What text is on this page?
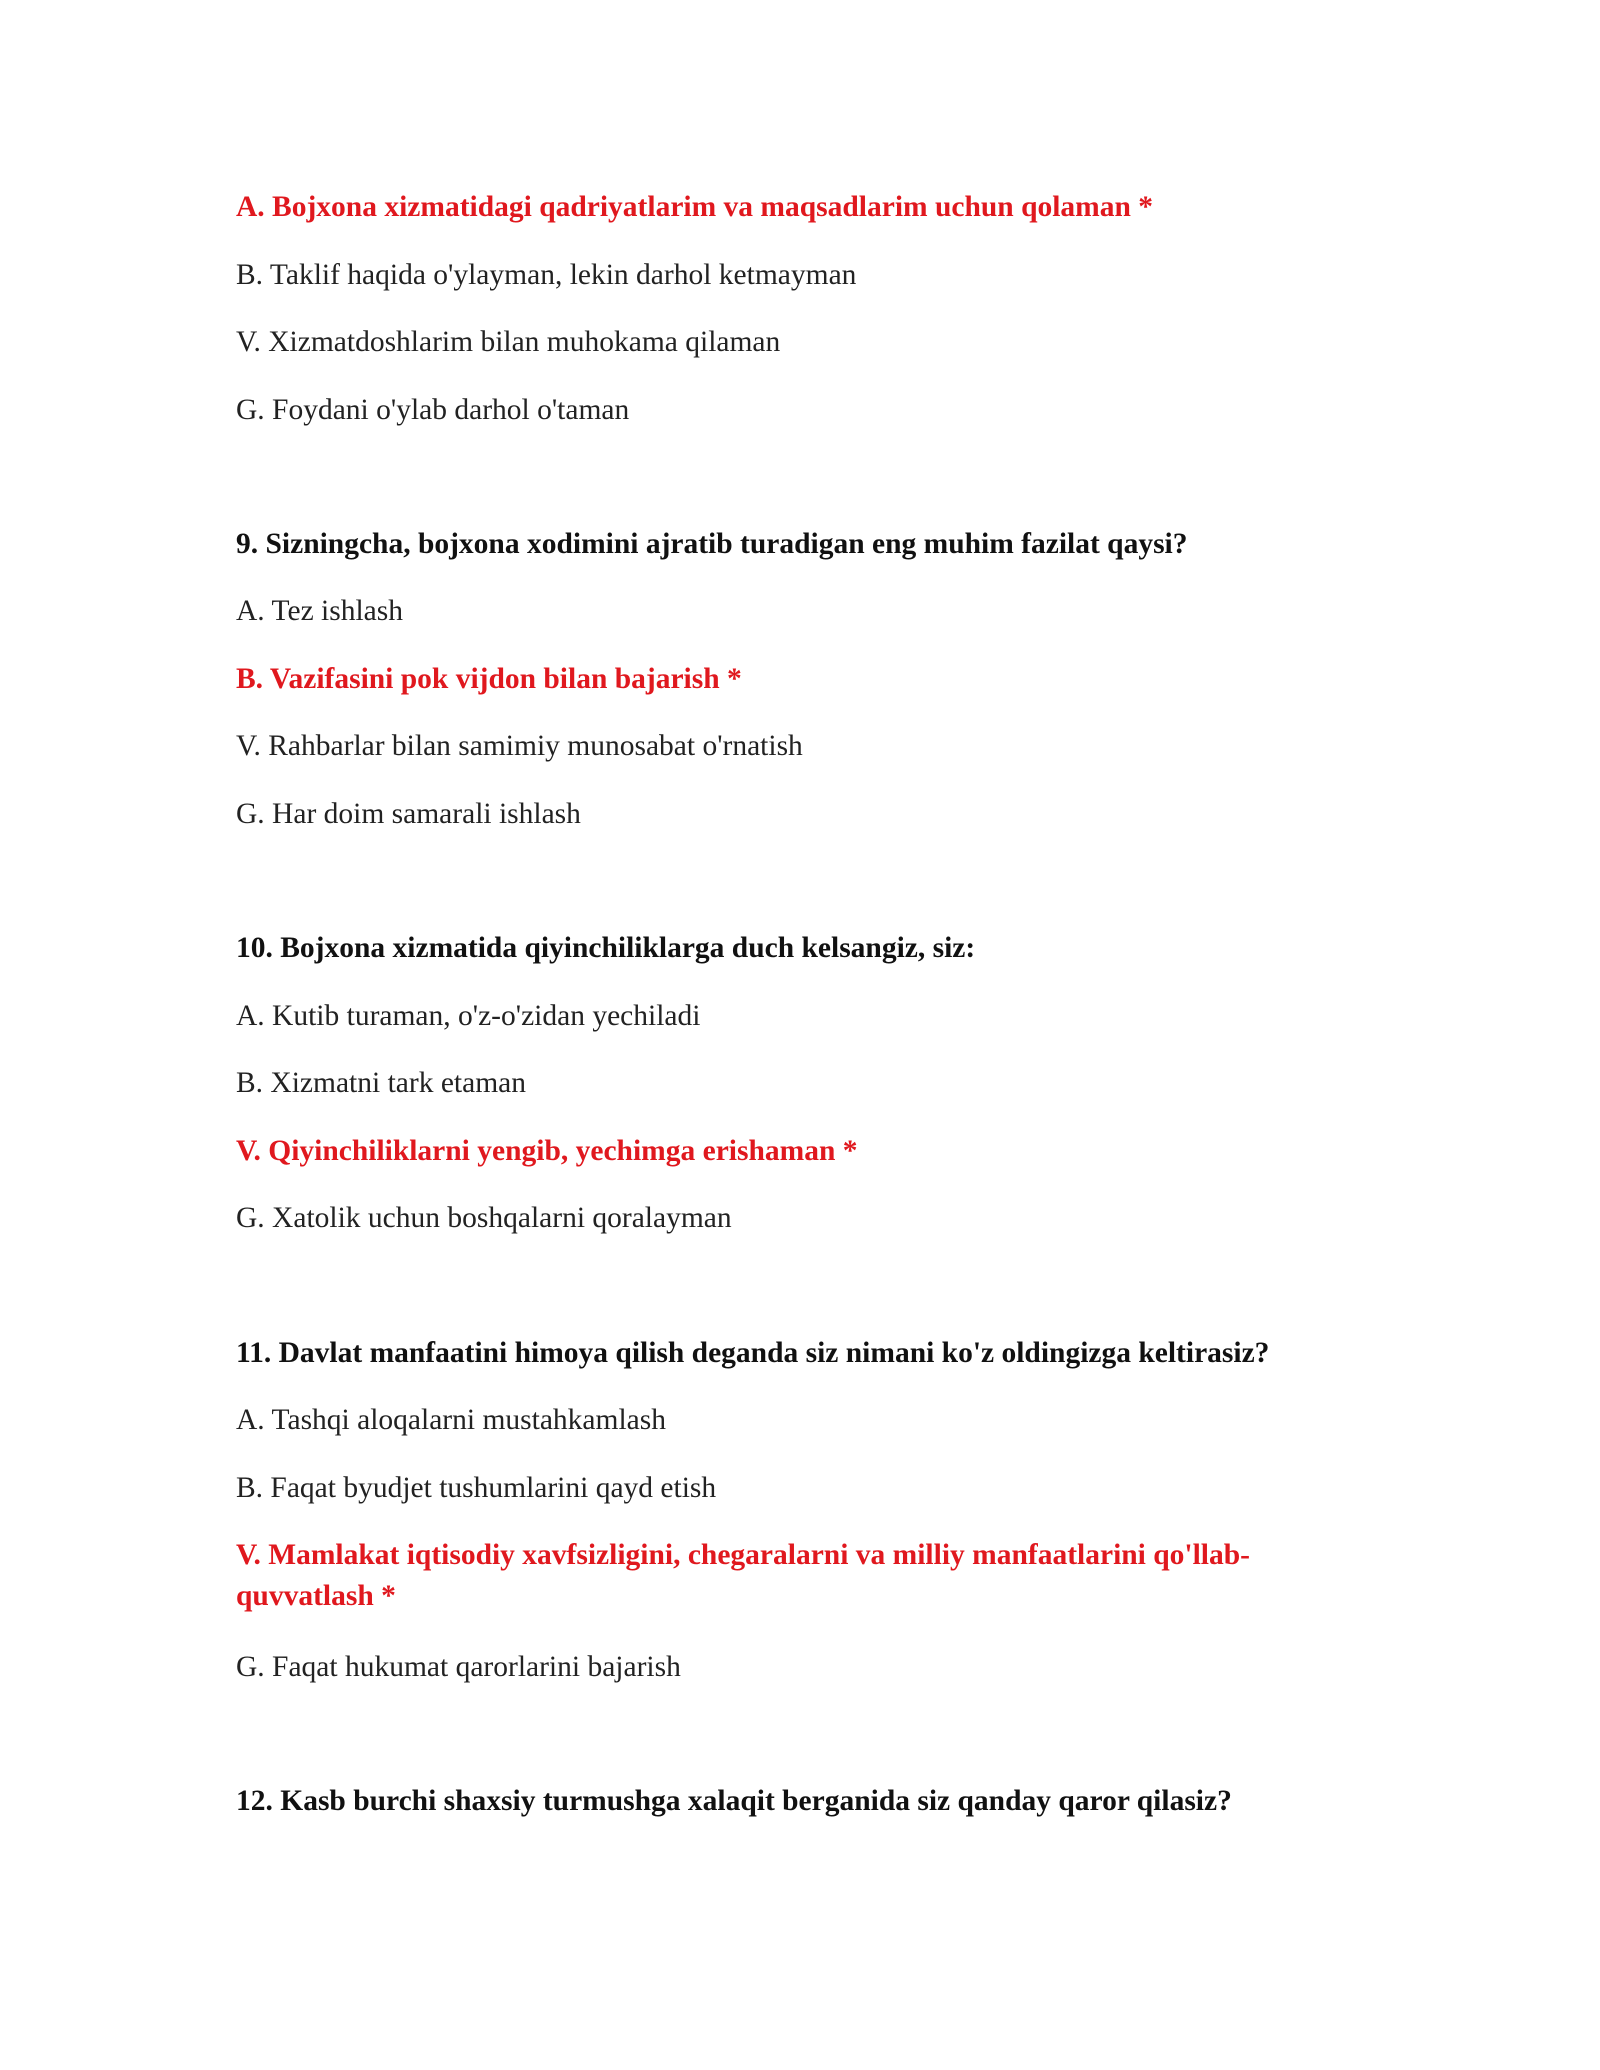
A. Bojxona xizmatidagi qadriyatlarim va maqsadlarim uchun qolaman *
B. Taklif haqida o'ylayman, lekin darhol ketmayman
V. Xizmatdoshlarim bilan muhokama qilaman
G. Foydani o'ylab darhol o'taman
9. Sizningcha, bojxona xodimini ajratib turadigan eng muhim fazilat qaysi?
A. Tez ishlash
B. Vazifasini pok vijdon bilan bajarish *
V. Rahbarlar bilan samimiy munosabat o'rnatish
G. Har doim samarali ishlash
10. Bojxona xizmatida qiyinchiliklarga duch kelsangiz, siz:
A. Kutib turaman, o'z-o'zidan yechiladi
B. Xizmatni tark etaman
V. Qiyinchiliklarni yengib, yechimga erishaman *
G. Xatolik uchun boshqalarni qoralayman
11. Davlat manfaatini himoya qilish deganda siz nimani ko'z oldingizga keltirasiz?
A. Tashqi aloqalarni mustahkamlash
B. Faqat byudjet tushumlarini qayd etish
V. Mamlakat iqtisodiy xavfsizligini, chegaralarni va milliy manfaatlarini qo'llab-quvvatlash *
G. Faqat hukumat qarorlarini bajarish
12. Kasb burchi shaxsiy turmushga xalaqit berganida siz qanday qaror qilasiz?
